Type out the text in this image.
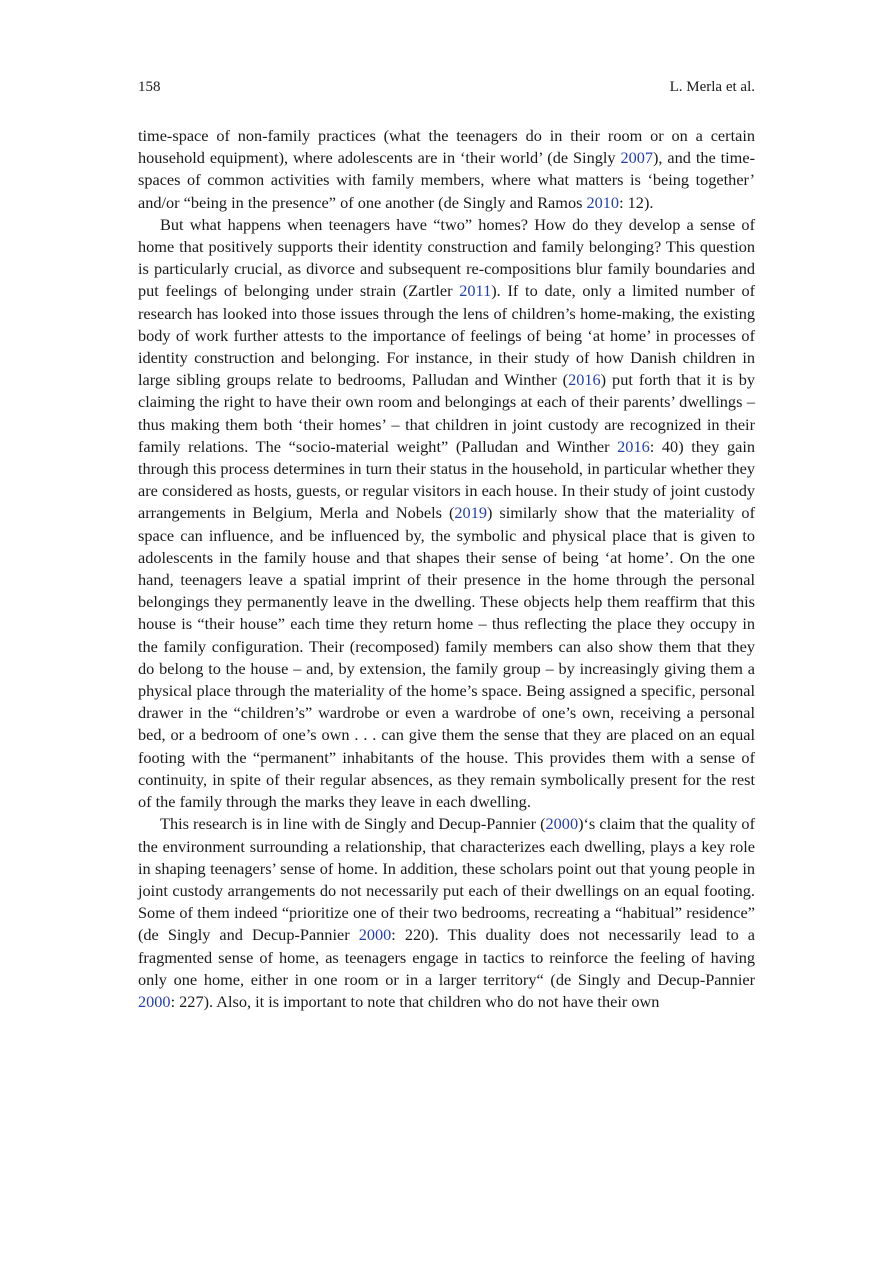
158	L. Merla et al.

time-space of non-family practices (what the teenagers do in their room or on a certain household equipment), where adolescents are in ‘their world’ (de Singly 2007), and the time-spaces of common activities with family members, where what matters is ‘being together’ and/or “being in the presence” of one another (de Singly and Ramos 2010: 12).

But what happens when teenagers have “two” homes? How do they develop a sense of home that positively supports their identity construction and family belonging? This question is particularly crucial, as divorce and subsequent re-compositions blur family boundaries and put feelings of belonging under strain (Zartler 2011). If to date, only a limited number of research has looked into those issues through the lens of children’s home-making, the existing body of work further attests to the importance of feelings of being ‘at home’ in processes of identity construction and belonging. For instance, in their study of how Danish children in large sibling groups relate to bedrooms, Palludan and Winther (2016) put forth that it is by claiming the right to have their own room and belongings at each of their parents’ dwellings – thus making them both ‘their homes’ – that children in joint custody are recognized in their family relations. The “socio-material weight” (Palludan and Winther 2016: 40) they gain through this process determines in turn their status in the household, in particular whether they are considered as hosts, guests, or regular visitors in each house. In their study of joint custody arrangements in Belgium, Merla and Nobels (2019) similarly show that the materiality of space can influence, and be influenced by, the symbolic and physical place that is given to adolescents in the family house and that shapes their sense of being ‘at home’. On the one hand, teenagers leave a spatial imprint of their presence in the home through the personal belongings they permanently leave in the dwelling. These objects help them reaffirm that this house is “their house” each time they return home – thus reflecting the place they occupy in the family configuration. Their (recomposed) family members can also show them that they do belong to the house – and, by extension, the family group – by increasingly giving them a physical place through the materiality of the home’s space. Being assigned a specific, personal drawer in the “children’s” wardrobe or even a wardrobe of one’s own, receiving a personal bed, or a bedroom of one’s own . . . can give them the sense that they are placed on an equal footing with the “permanent” inhabitants of the house. This provides them with a sense of continuity, in spite of their regular absences, as they remain symbolically present for the rest of the family through the marks they leave in each dwelling.

This research is in line with de Singly and Decup-Pannier (2000)‘s claim that the quality of the environment surrounding a relationship, that characterizes each dwelling, plays a key role in shaping teenagers’ sense of home. In addition, these scholars point out that young people in joint custody arrangements do not necessarily put each of their dwellings on an equal footing. Some of them indeed “prioritize one of their two bedrooms, recreating a “habitual” residence” (de Singly and Decup-Pannier 2000: 220). This duality does not necessarily lead to a fragmented sense of home, as teenagers engage in tactics to reinforce the feeling of having only one home, either in one room or in a larger territory“ (de Singly and Decup-Pannier 2000: 227). Also, it is important to note that children who do not have their own
